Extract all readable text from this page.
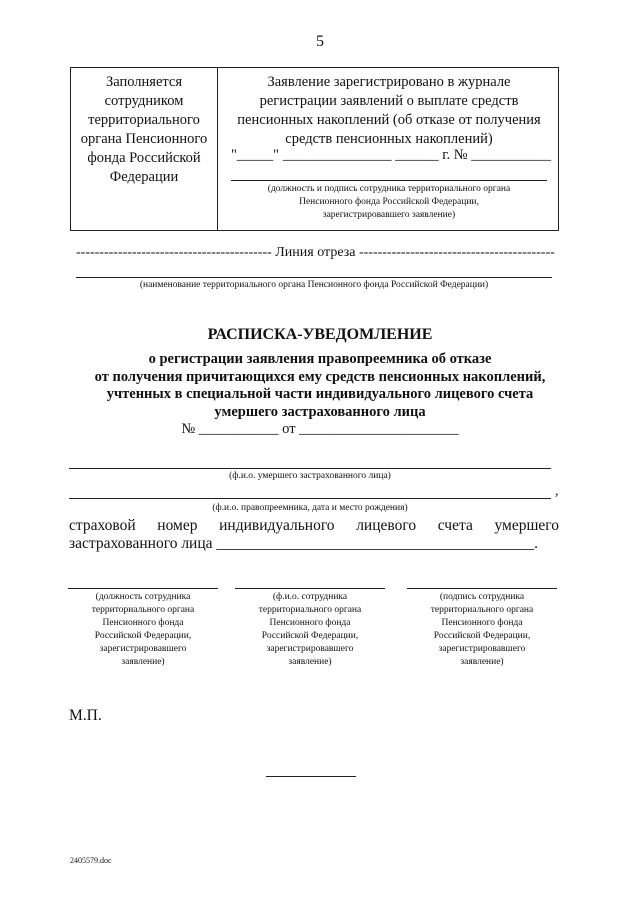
5
Заполняется
сотрудником
территориального
органа Пенсионного
фонда Российской
Федерации
Заявление зарегистрировано в журнале
регистрации заявлений о выплате средств
пенсионных накоплений (об отказе от получения
средств пенсионных накоплений)
"_____" _______________ ______ г. № ___________
(должность и подпись сотрудника территориального органа
Пенсионного фонда Российской Федерации,
зарегистрировавшего заявление)
------------------------------------------ Линия отреза ------------------------------------------
(наименование территориального органа Пенсионного фонда Российской Федерации)
РАСПИСКА-УВЕДОМЛЕНИЕ
о регистрации заявления правопреемника об отказе
от получения причитающихся ему средств пенсионных накоплений,
учтенных в специальной части индивидуального лицевого счета
умершего застрахованного лица
№ ___________ от ______________________
(ф.и.о. умершего застрахованного лица)
,
(ф.и.о. правопреемника, дата и место рождения)
страховой номер индивидуального лицевого счета умершего
застрахованного лица _________________________________________.
(должность сотрудника
территориального органа
Пенсионного фонда
Российской Федерации,
зарегистрировавшего
заявление)
(ф.и.о. сотрудника
территориального органа
Пенсионного фонда
Российской Федерации,
зарегистрировавшего
заявление)
(подпись сотрудника
территориального органа
Пенсионного фонда
Российской Федерации,
зарегистрировавшего
заявление)
М.П.
2405579.doc
